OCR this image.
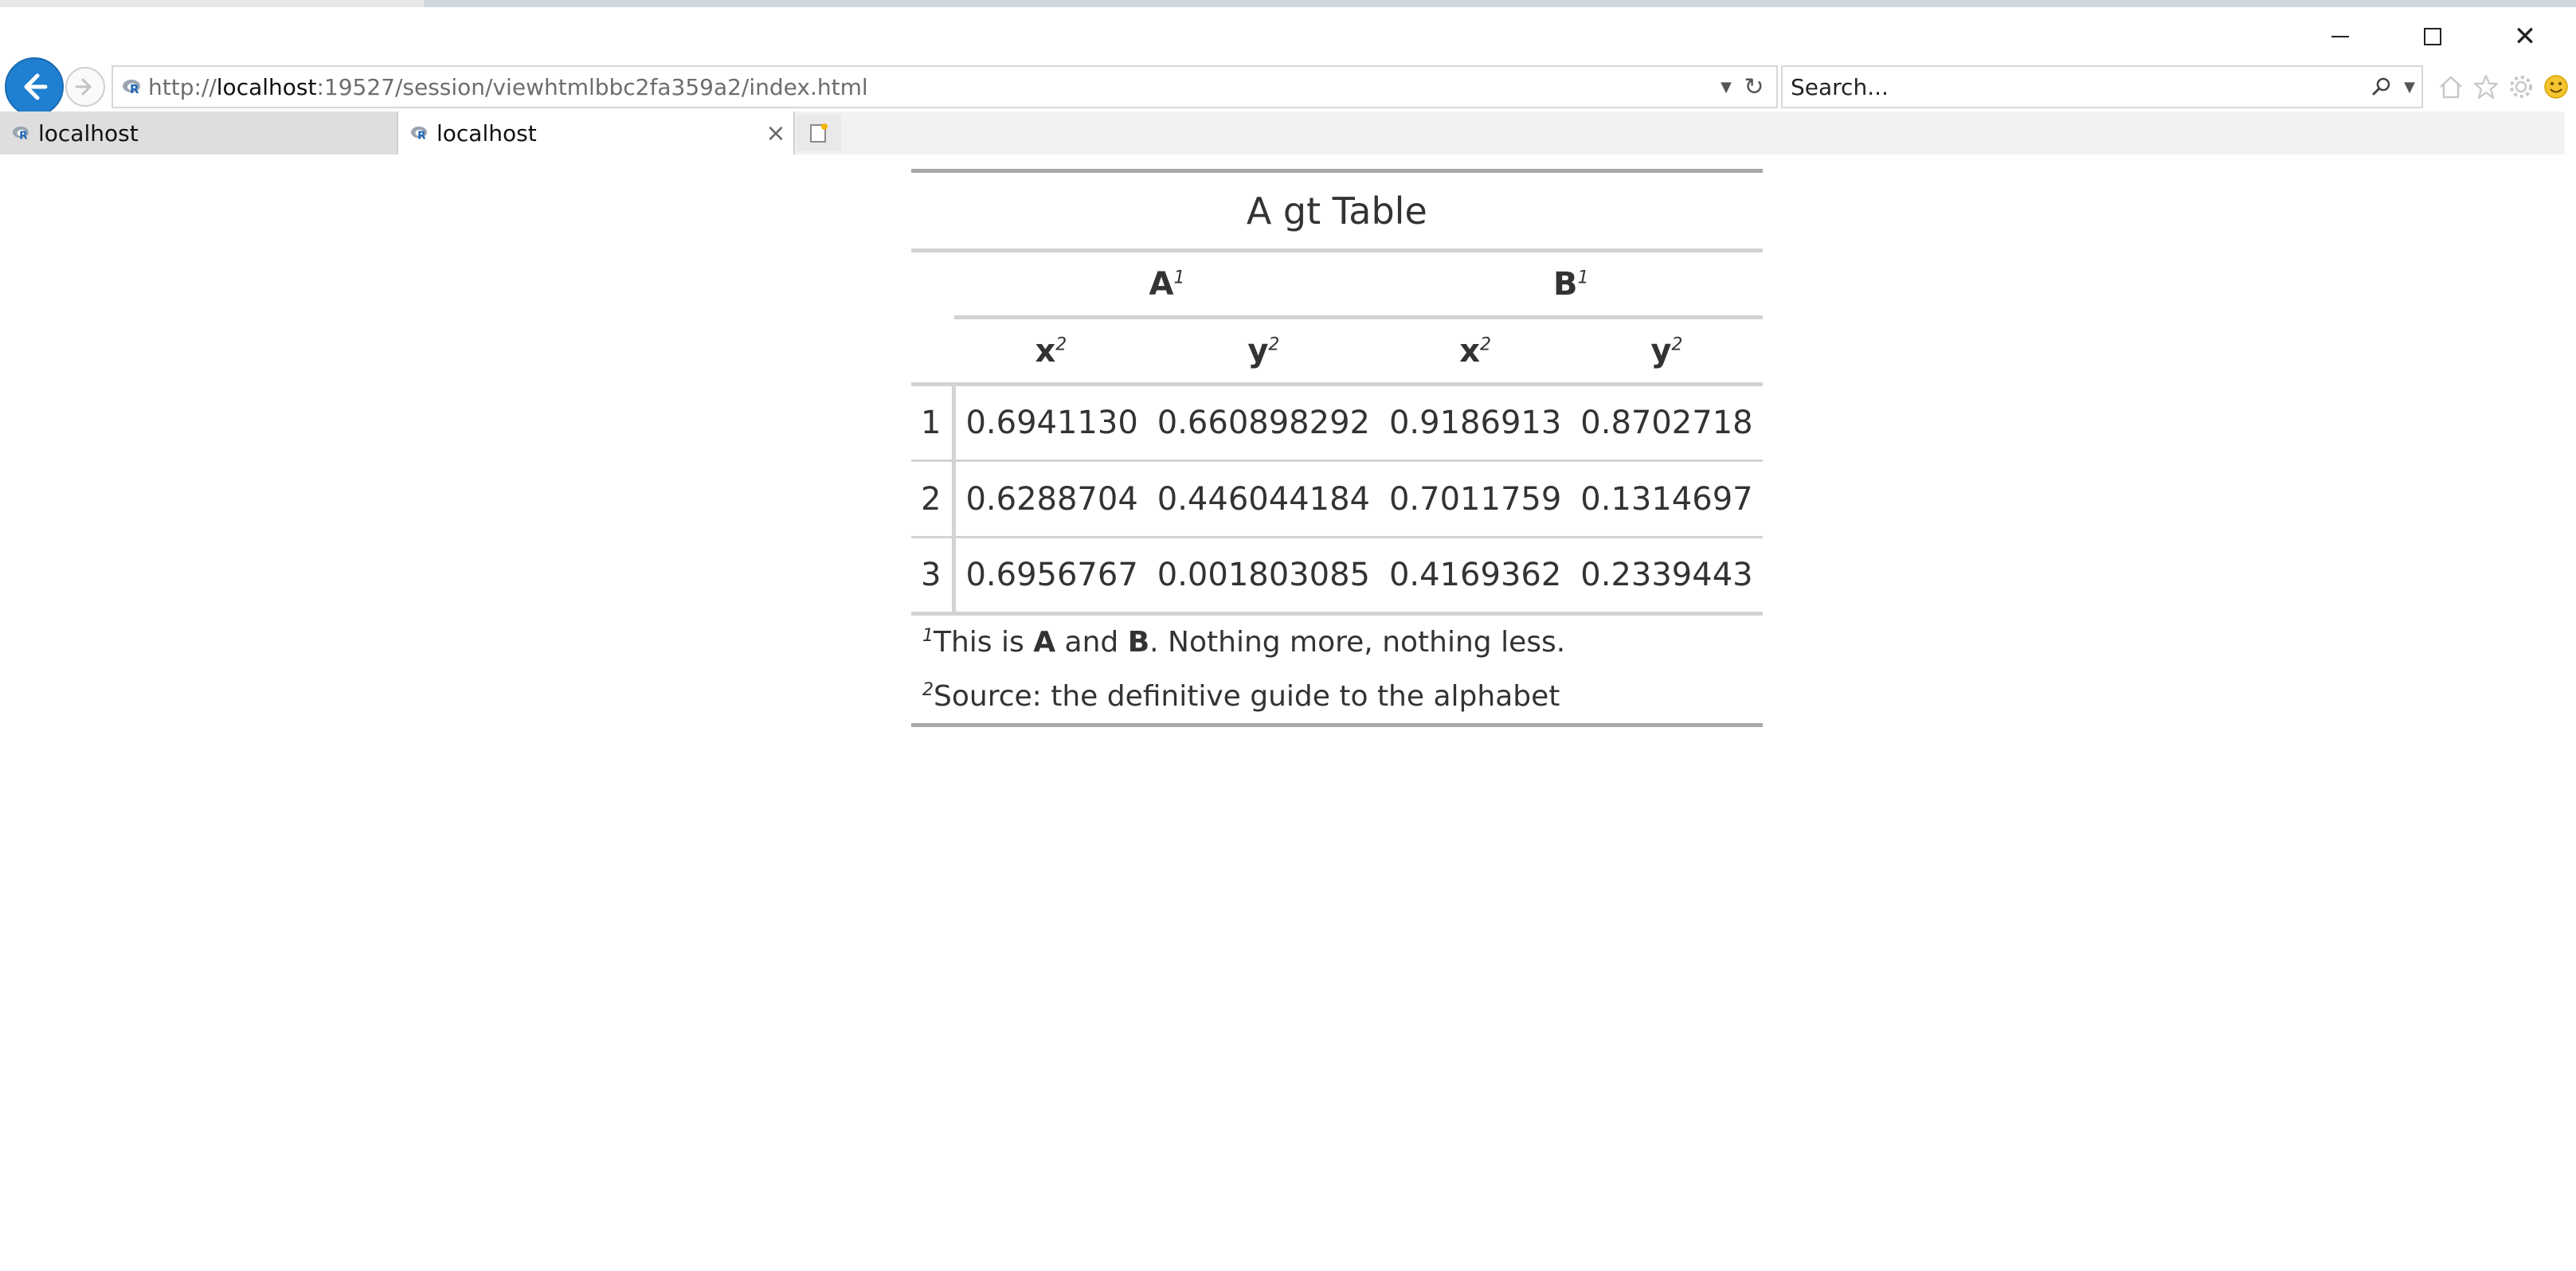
✕
R http://localhost:19527/session/viewhtmlbbc2fa359a2/index.html	▼ ↻
Search...	▼
R localhost	R localhost	×
A gt Table				
	A$^1$		B$^1$
	x$^2$	y$^2$	x$^2$	y$^2$
1	0.6941130	0.660898292	0.9186913	0.8702718
2	0.6288704	0.446044184	0.7011759	0.1314697
3	0.6956767	0.001803085	0.4169362	0.2339443
$^1$This is A and B. Nothing more, nothing less.				
$^2$Source: the definitive guide to the alphabet				
